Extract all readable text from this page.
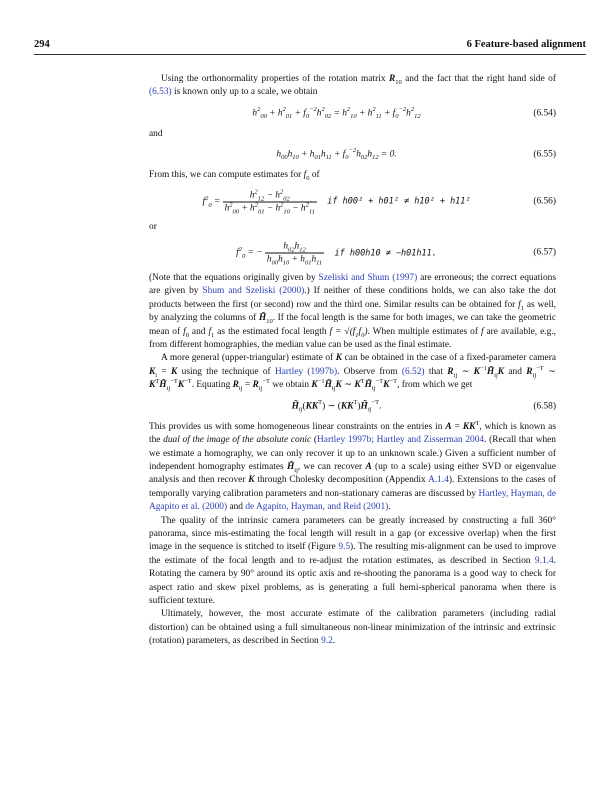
294	6 Feature-based alignment

Using the orthonormality properties of the rotation matrix $R_{10}$ and the fact that the right hand side of (6.53) is known only up to a scale, we obtain

$h^2_{00} + h^2_{01} + f_0^{-2}h^2_{02} = h^2_{10} + h^2_{11} + f_0^{-2}h^2_{12}$	(6.54)

and

$h_{00}h_{10} + h_{01}h_{11} + f_0^{-2}h_{02}h_{12} = 0$.	(6.55)

From this, we can compute estimates for $f_0$ of

$f^2_0 = \frac{h^2_{12} - h^2_{02}}{h^2_{00} + h^2_{01} - h^2_{10} - h^2_{11}}$ if h00² + h01² ≠ h10² + h11²	(6.56)

or

$f^2_0$ = − $\frac{h_{02}h_{12}}{h_{00}h_{10} + h_{01}h_{11}}$ if h00h10 ≠ −h01h11.	(6.57)

(Note that the equations originally given by Szeliski and Shum (1997) are erroneous; the correct equations are given by Shum and Szeliski (2000).) If neither of these conditions holds, we can also take the dot products between the first (or second) row and the third one. Similar results can be obtained for $f_1$ as well, by analyzing the columns of $H̃_{10}$. If the focal length is the same for both images, we can take the geometric mean of $f_0$ and $f_1$ as the estimated focal length $f = √(f_1f_0)$. When multiple estimates of f are available, e.g., from different homographies, the median value can be used as the final estimate.

A more general (upper-triangular) estimate of K can be obtained in the case of a fixed-parameter camera $K_i = K$ using the technique of Hartley (1997b). Observe from (6.52) that $R_{ij}$ ∼ $K^{-1}H̃_{ij}K$ and $R_{ij}^{-T}$ ∼ $K^TH̃_{ij}^{-T}K^{-T}$. Equating $R_{ij} = R_{ij}^{-T}$ we obtain $K^{-1}H̃_{ij}K$ ∼ $K^TH̃_{ij}^{-T}K^{-T}$, from which we get

$H̃_{ij}(KK^T)$ ∼ $(KK^T)H̃_{ij}^{-T}$.	(6.58)

This provides us with some homogeneous linear constraints on the entries in $A = KK^T$, which is known as the dual of the image of the absolute conic (Hartley 1997b; Hartley and Zisserman 2004. (Recall that when we estimate a homography, we can only recover it up to an unknown scale.) Given a sufficient number of independent homography estimates $H̃_{ij}$, we can recover A (up to a scale) using either SVD or eigenvalue analysis and then recover K through Cholesky decomposition (Appendix A.1.4). Extensions to the cases of temporally varying calibration parameters and non-stationary cameras are discussed by Hartley, Hayman, de Agapito et al. (2000) and de Agapito, Hayman, and Reid (2001).

The quality of the intrinsic camera parameters can be greatly increased by constructing a full 360° panorama, since mis-estimating the focal length will result in a gap (or excessive overlap) when the first image in the sequence is stitched to itself (Figure 9.5). The resulting mis-alignment can be used to improve the estimate of the focal length and to re-adjust the rotation estimates, as described in Section 9.1.4. Rotating the camera by 90° around its optic axis and re-shooting the panorama is a good way to check for aspect ratio and skew pixel problems, as is generating a full hemi-spherical panorama when there is sufficient texture.

Ultimately, however, the most accurate estimate of the calibration parameters (including radial distortion) can be obtained using a full simultaneous non-linear minimization of the intrinsic and extrinsic (rotation) parameters, as described in Section 9.2.
